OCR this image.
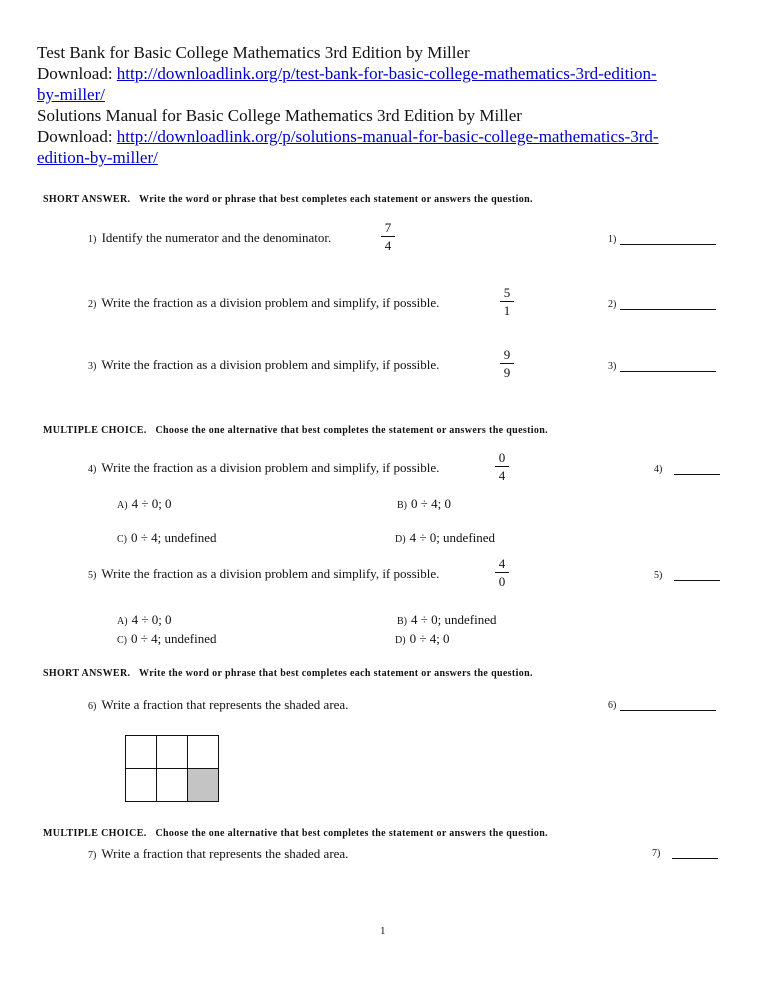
Test Bank for Basic College Mathematics 3rd Edition by Miller
Download: http://downloadlink.org/p/test-bank-for-basic-college-mathematics-3rd-edition-
by-miller/
Solutions Manual for Basic College Mathematics 3rd Edition by Miller
Download: http://downloadlink.org/p/solutions-manual-for-basic-college-mathematics-3rd-
edition-by-miller/
SHORT ANSWER. Write the word or phrase that best completes each statement or answers the question.
1) Identify the numerator and the denominator.
7
4	1)
2) Write the fraction as a division problem and simplify, if possible.
5
1	2)
3) Write the fraction as a division problem and simplify, if possible.
9
9	3)
MULTIPLE CHOICE. Choose the one alternative that best completes the statement or answers the question.
4) Write the fraction as a division problem and simplify, if possible.
0
4	4)
A) 4 ÷ 0; 0	B) 0 ÷ 4; 0
C) 0 ÷ 4; undefined	D) 4 ÷ 0; undefined
5) Write the fraction as a division problem and simplify, if possible.
4
0	5)
A) 4 ÷ 0; 0	B) 4 ÷ 0; undefined
C) 0 ÷ 4; undefined	D) 0 ÷ 4; 0
SHORT ANSWER. Write the word or phrase that best completes each statement or answers the question.
6) Write a fraction that represents the shaded area.	6)

MULTIPLE CHOICE. Choose the one alternative that best completes the statement or answers the question.
7) Write a fraction that represents the shaded area.	7)
1
